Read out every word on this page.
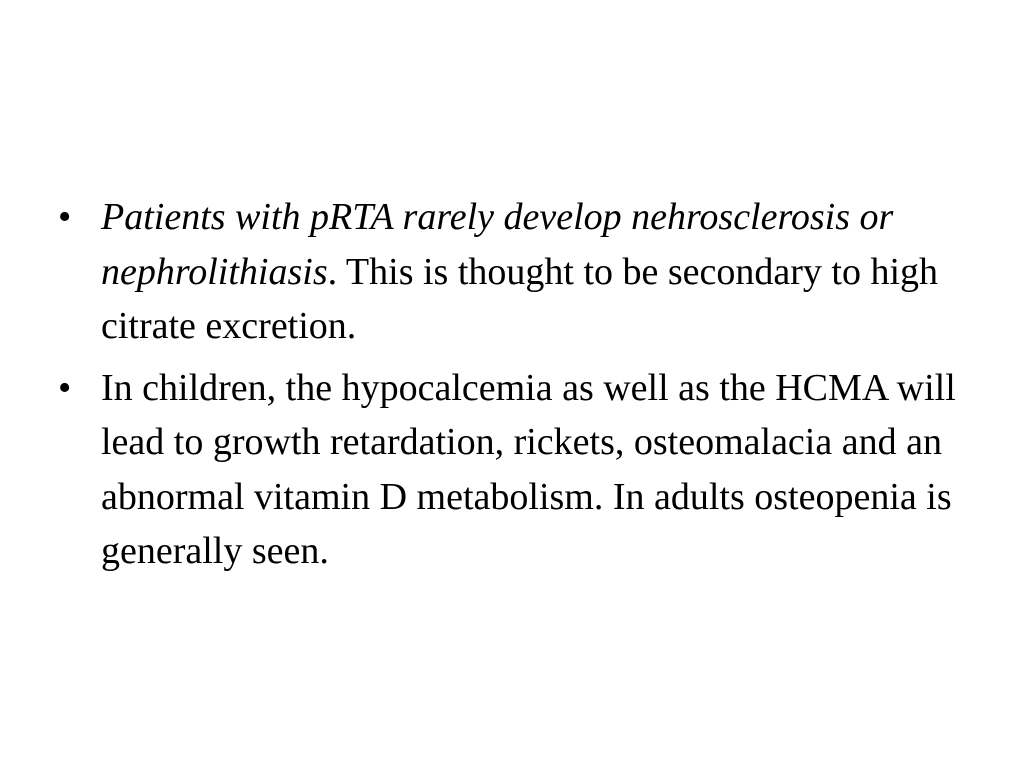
• Patients with pRTA rarely develop nehrosclerosis or nephrolithiasis. This is thought to be secondary to high citrate excretion.
• In children, the hypocalcemia as well as the HCMA will lead to growth retardation, rickets, osteomalacia and an abnormal vitamin D metabolism. In adults osteopenia is generally seen.
